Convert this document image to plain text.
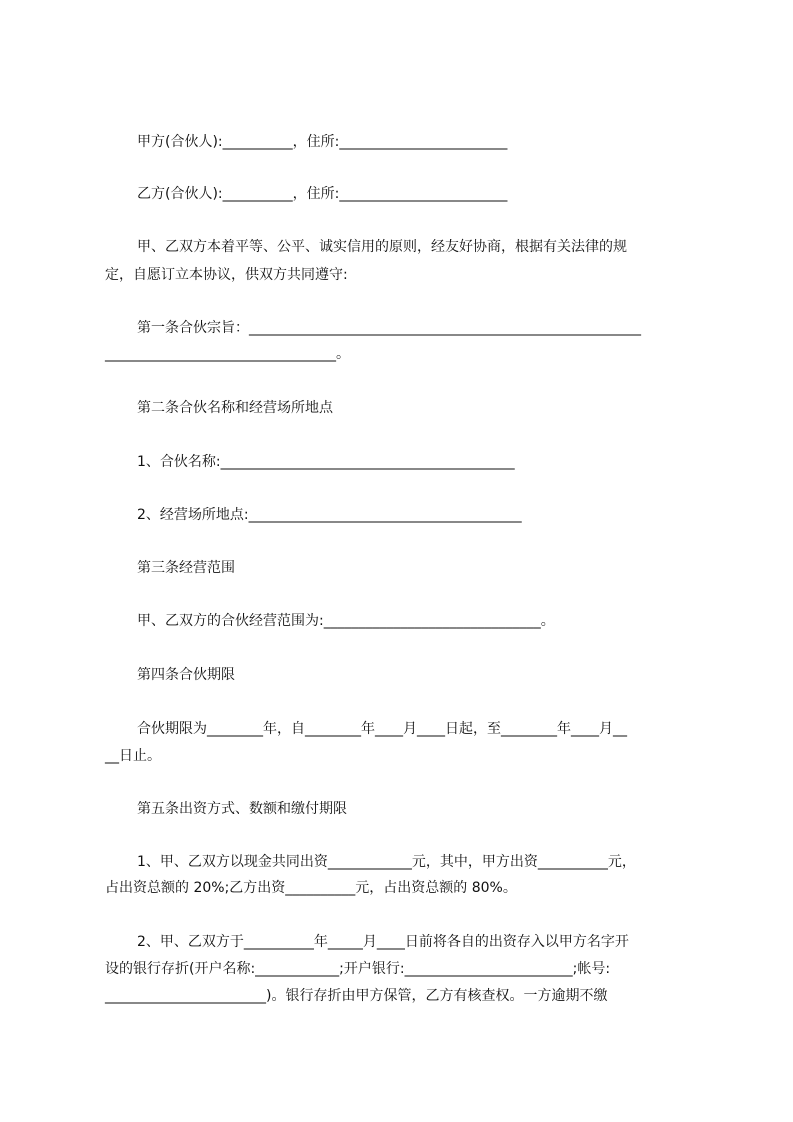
甲方(合伙人):__________，住所:________________________
乙方(合伙人):__________，住所:________________________
甲、乙双方本着平等、公平、诚实信用的原则，经友好协商，根据有关法律的规
定，自愿订立本协议，供双方共同遵守:
第一条合伙宗旨：________________________________________________________
_________________________________。
第二条合伙名称和经营场所地点
1、合伙名称:__________________________________________
2、经营场所地点:_______________________________________
第三条经营范围
甲、乙双方的合伙经营范围为:_______________________________。
第四条合伙期限
合伙期限为________年，自________年____月____日起，至________年____月__
__日止。
第五条出资方式、数额和缴付期限
1、甲、乙双方以现金共同出资____________元，其中，甲方出资__________元，
占出资总额的 20%;乙方出资__________元，占出资总额的 80%。
2、甲、乙双方于__________年_____月____日前将各自的出资存入以甲方名字开
设的银行存折(开户名称:____________;开户银行:________________________;帐号:
_______________________)。银行存折由甲方保管，乙方有核查权。一方逾期不缴
